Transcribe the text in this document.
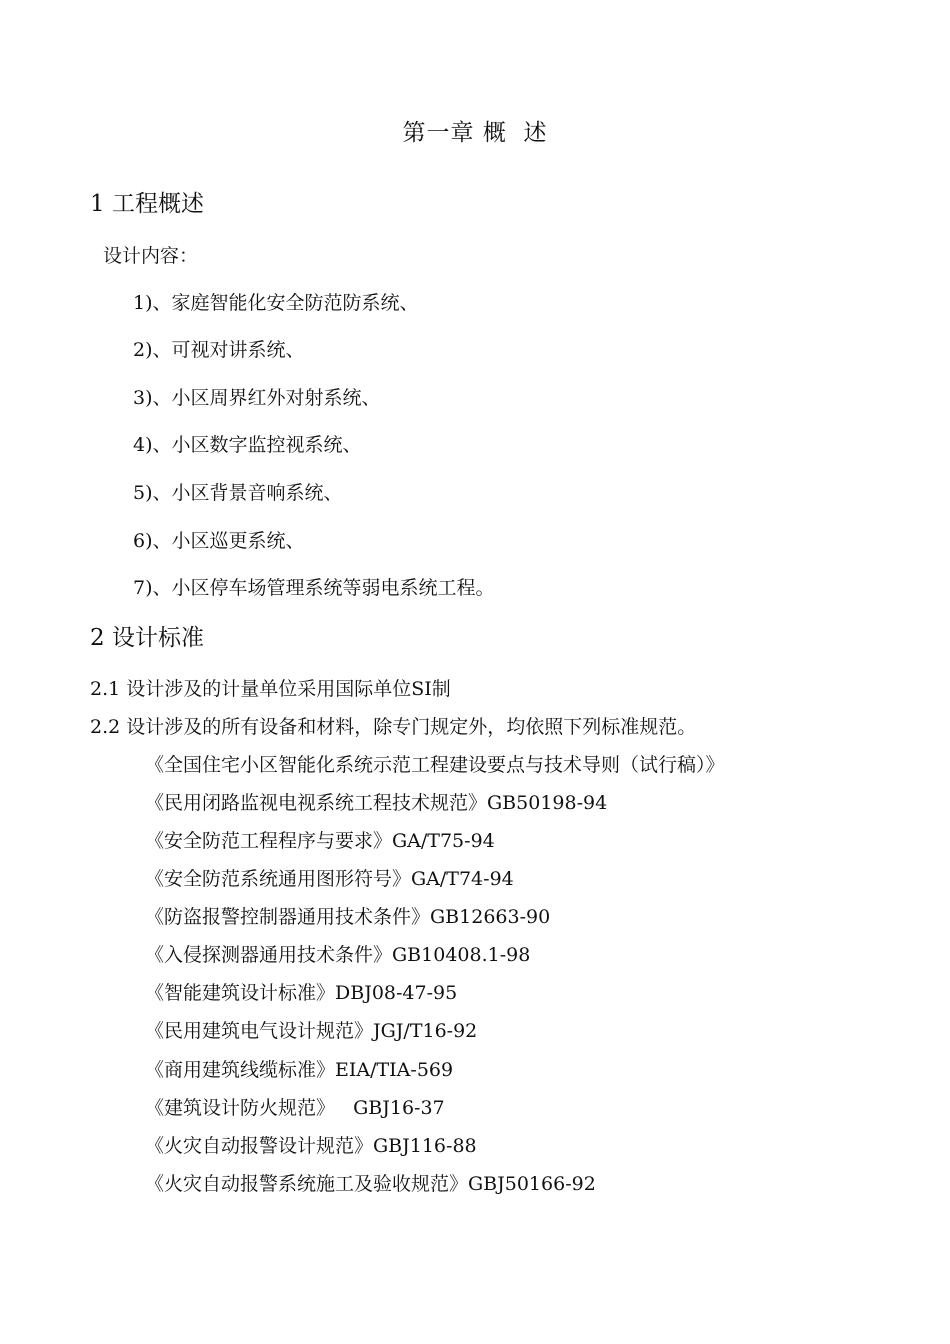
第一章 概  述
1 工程概述
设计内容：
1)、家庭智能化安全防范防系统、
2)、可视对讲系统、
3)、小区周界红外对射系统、
4)、小区数字监控视系统、
5)、小区背景音响系统、
6)、小区巡更系统、
7)、小区停车场管理系统等弱电系统工程。
2 设计标准
2.1 设计涉及的计量单位采用国际单位SI制
2.2 设计涉及的所有设备和材料，除专门规定外，均依照下列标准规范。
《全国住宅小区智能化系统示范工程建设要点与技术导则（试行稿）》
《民用闭路监视电视系统工程技术规范》GB50198-94
《安全防范工程程序与要求》GA/T75-94
《安全防范系统通用图形符号》GA/T74-94
《防盗报警控制器通用技术条件》GB12663-90
《入侵探测器通用技术条件》GB10408.1-98
《智能建筑设计标准》DBJ08-47-95
《民用建筑电气设计规范》JGJ/T16-92
《商用建筑线缆标准》EIA/TIA-569
《建筑设计防火规范》   GBJ16-37
《火灾自动报警设计规范》GBJ116-88
《火灾自动报警系统施工及验收规范》GBJ50166-92
